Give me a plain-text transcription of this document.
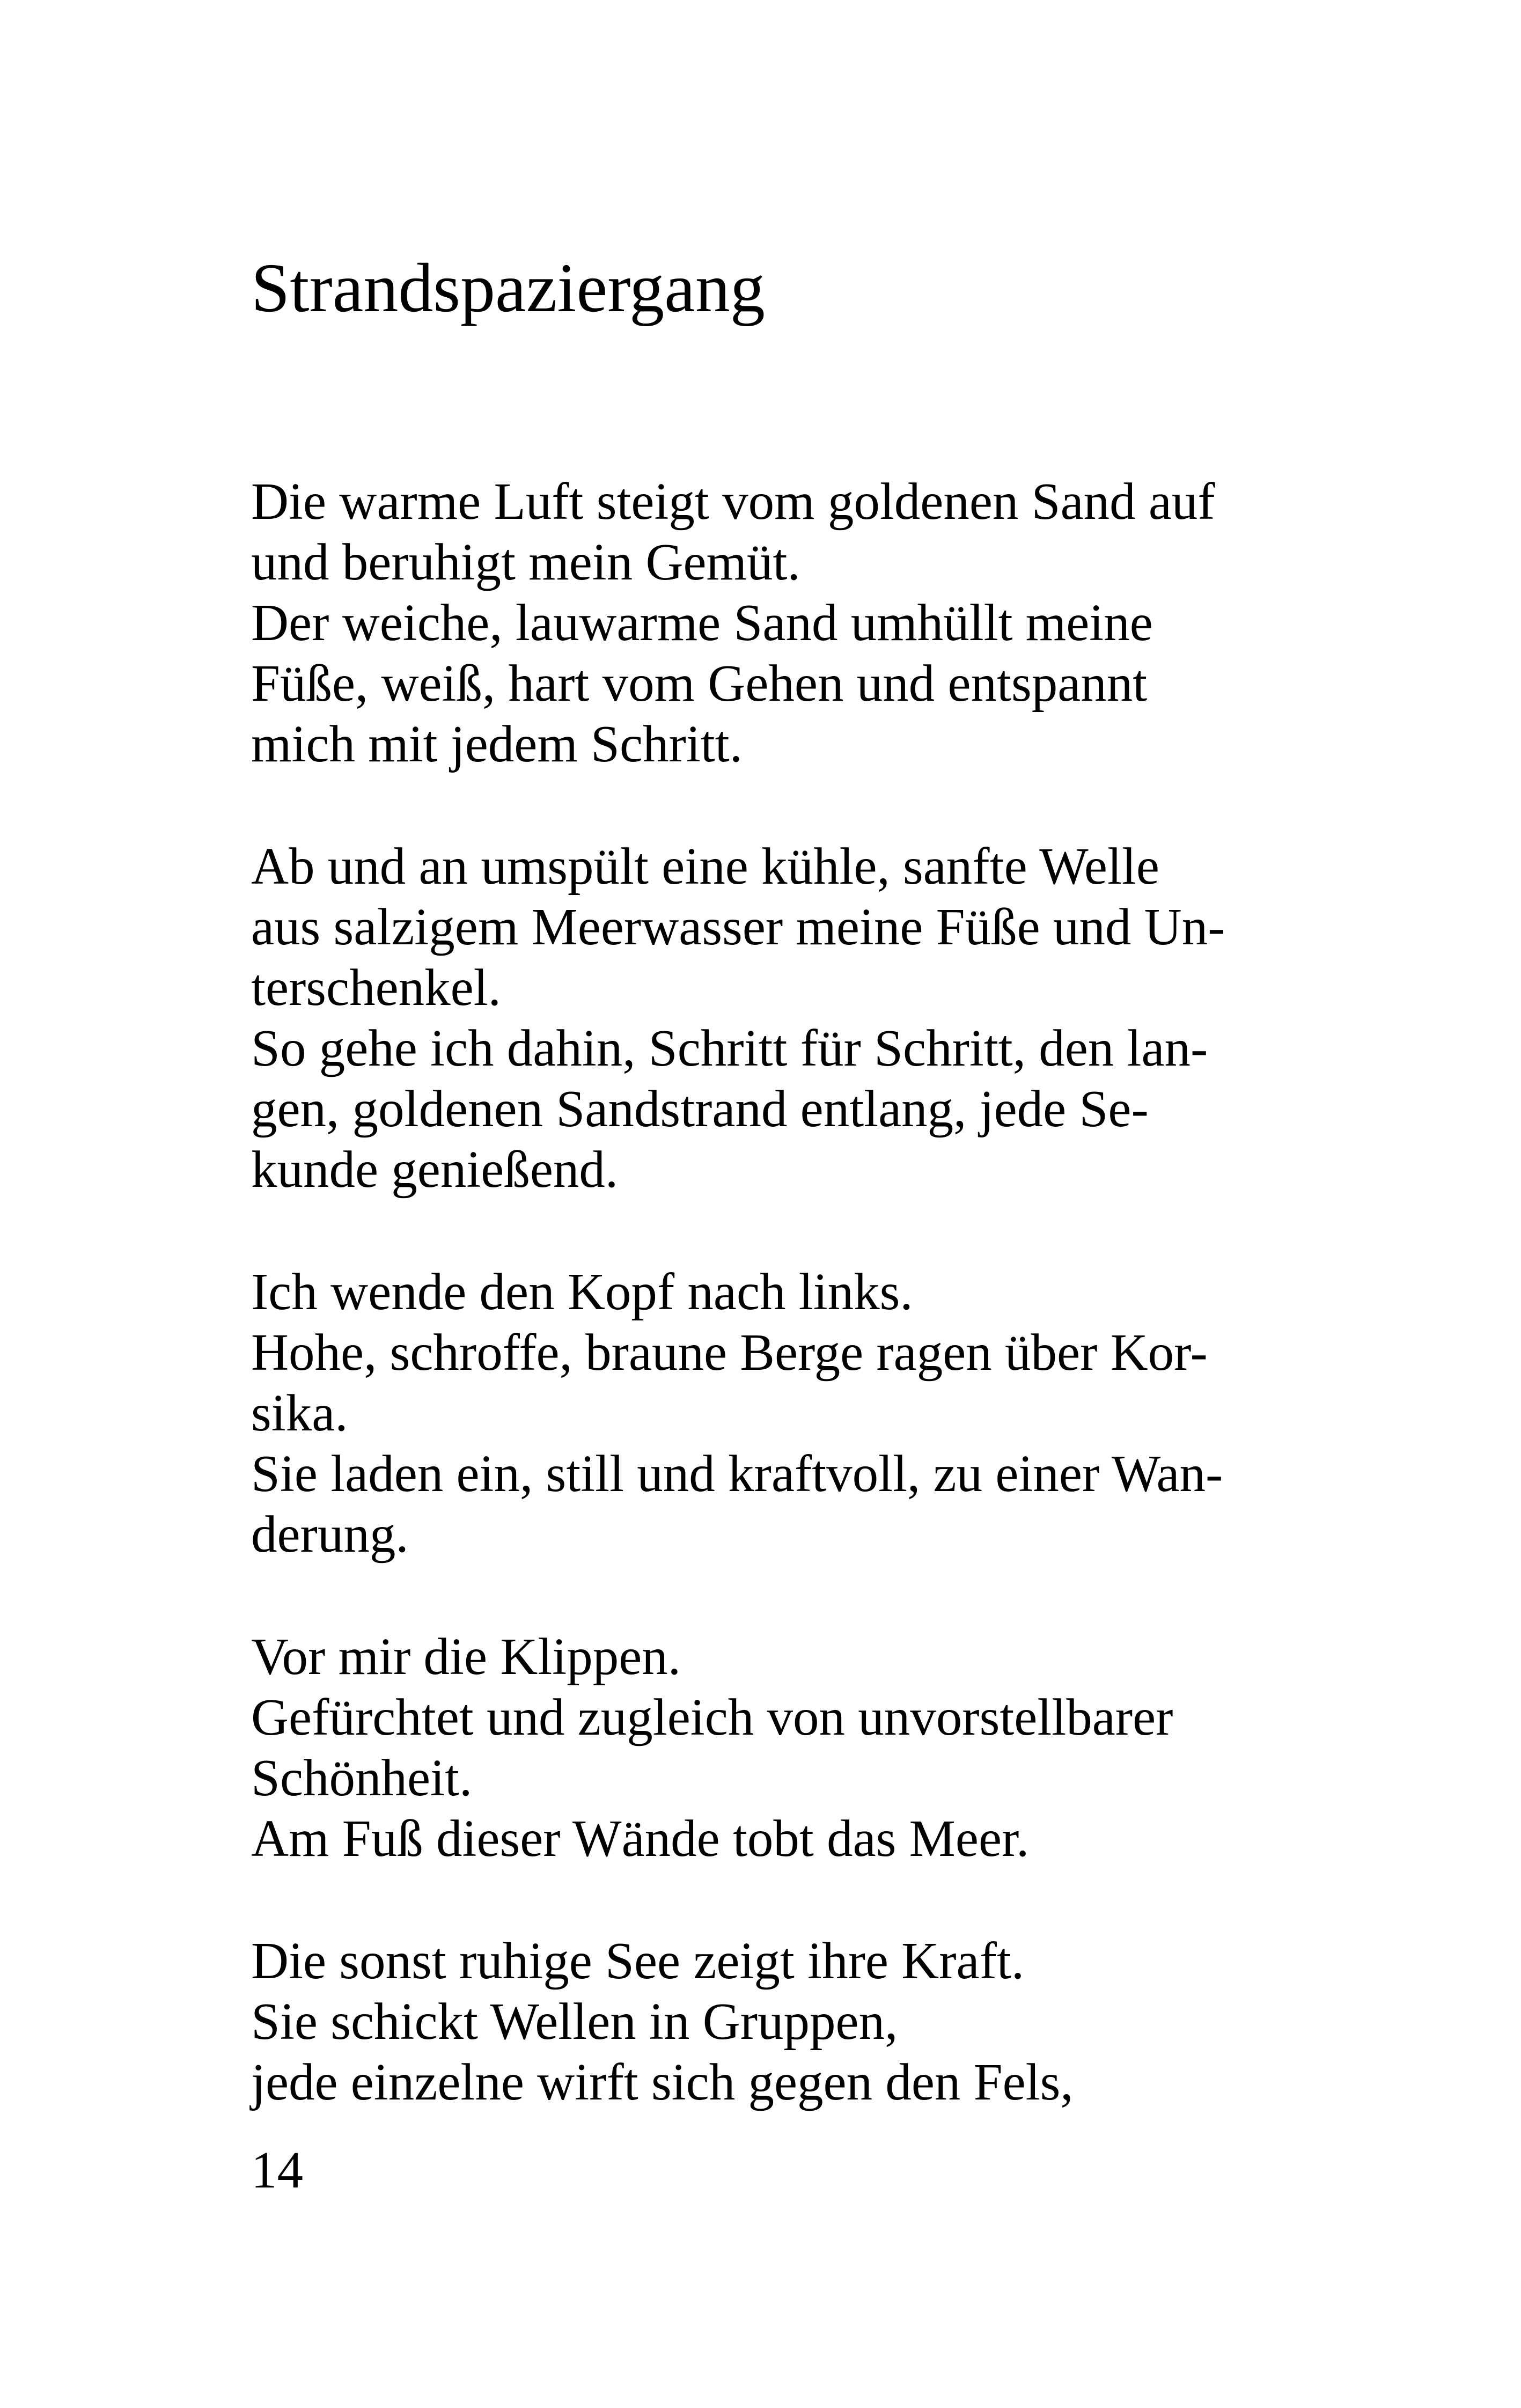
Strandspaziergang
Die warme Luft steigt vom goldenen Sand auf
und beruhigt mein Gemüt.
Der weiche, lauwarme Sand umhüllt meine
Füße, weiß, hart vom Gehen und entspannt
mich mit jedem Schritt.
Ab und an umspült eine kühle, sanfte Welle
aus salzigem Meerwasser meine Füße und Un-
terschenkel.
So gehe ich dahin, Schritt für Schritt, den lan-
gen, goldenen Sandstrand entlang, jede Se-
kunde genießend.
Ich wende den Kopf nach links.
Hohe, schroffe, braune Berge ragen über Kor-
sika.
Sie laden ein, still und kraftvoll, zu einer Wan-
derung.
Vor mir die Klippen.
Gefürchtet und zugleich von unvorstellbarer
Schönheit.
Am Fuß dieser Wände tobt das Meer.
Die sonst ruhige See zeigt ihre Kraft.
Sie schickt Wellen in Gruppen,
jede einzelne wirft sich gegen den Fels,
14
